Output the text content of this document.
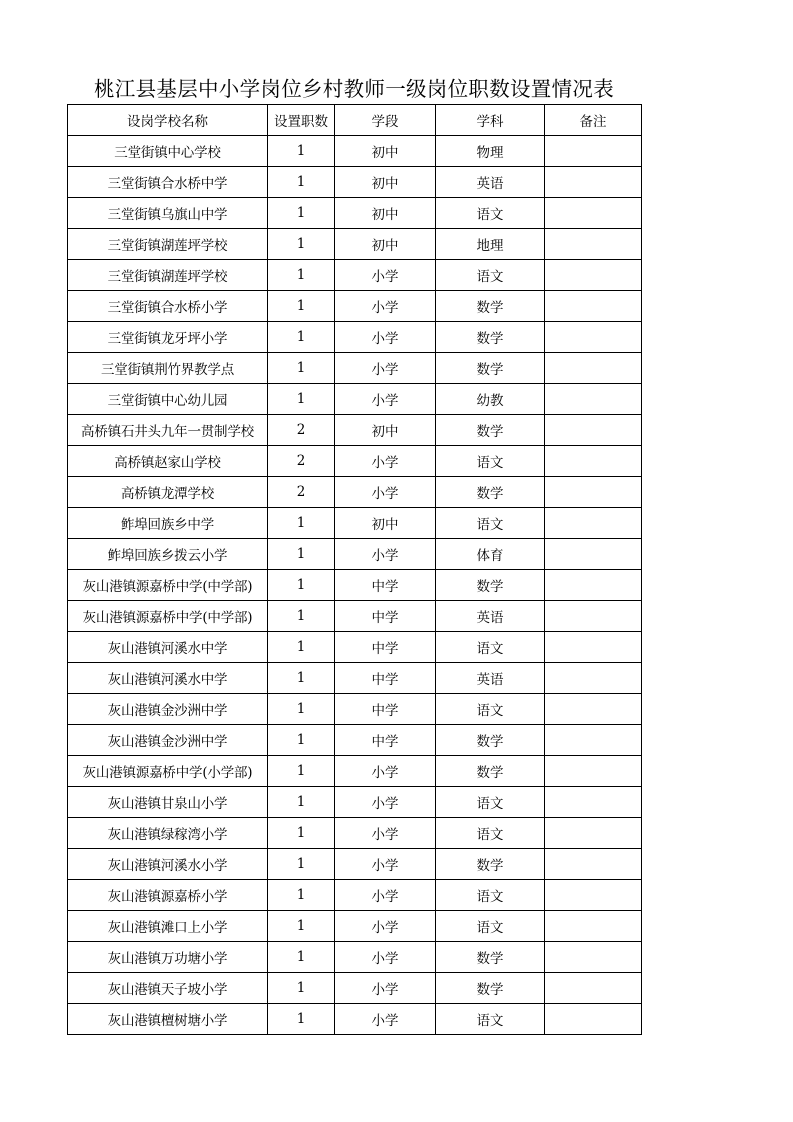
桃江县基层中小学岗位乡村教师一级岗位职数设置情况表
设岗学校名称	设置职数	学段	学科	备注
三堂街镇中心学校	1	初中	物理	
三堂街镇合水桥中学	1	初中	英语	
三堂街镇乌旗山中学	1	初中	语文	
三堂街镇湖莲坪学校	1	初中	地理	
三堂街镇湖莲坪学校	1	小学	语文	
三堂街镇合水桥小学	1	小学	数学	
三堂街镇龙牙坪小学	1	小学	数学	
三堂街镇荆竹界教学点	1	小学	数学	
三堂街镇中心幼儿园	1	小学	幼教	
高桥镇石井头九年一贯制学校	2	初中	数学	
高桥镇赵家山学校	2	小学	语文	
高桥镇龙潭学校	2	小学	数学	
鲊埠回族乡中学	1	初中	语文	
鲊埠回族乡拨云小学	1	小学	体育	
灰山港镇源嘉桥中学(中学部)	1	中学	数学	
灰山港镇源嘉桥中学(中学部)	1	中学	英语	
灰山港镇河溪水中学	1	中学	语文	
灰山港镇河溪水中学	1	中学	英语	
灰山港镇金沙洲中学	1	中学	语文	
灰山港镇金沙洲中学	1	中学	数学	
灰山港镇源嘉桥中学(小学部)	1	小学	数学	
灰山港镇甘泉山小学	1	小学	语文	
灰山港镇绿稼湾小学	1	小学	语文	
灰山港镇河溪水小学	1	小学	数学	
灰山港镇源嘉桥小学	1	小学	语文	
灰山港镇滩口上小学	1	小学	语文	
灰山港镇万功塘小学	1	小学	数学	
灰山港镇天子坡小学	1	小学	数学	
灰山港镇檀树塘小学	1	小学	语文	
